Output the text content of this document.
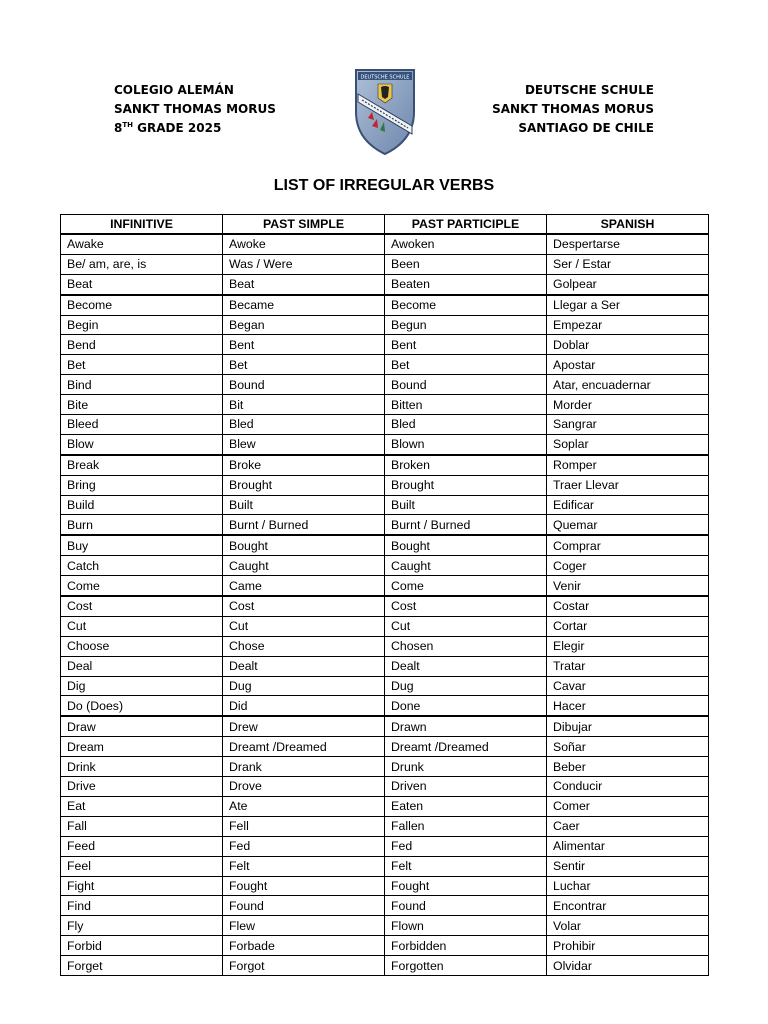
COLEGIO ALEMÁN
SANKT THOMAS MORUS
8TH GRADE 2025
DEUTSCHE SCHULE
DEUTSCHE SCHULE
SANKT THOMAS MORUS
SANTIAGO DE CHILE
LIST OF IRREGULAR VERBS
INFINITIVE	PAST SIMPLE	PAST PARTICIPLE	SPANISH
Awake	Awoke	Awoken	Despertarse
Be/ am, are, is	Was / Were	Been	Ser / Estar
Beat	Beat	Beaten	Golpear
Become	Became	Become	Llegar a Ser
Begin	Began	Begun	Empezar
Bend	Bent	Bent	Doblar
Bet	Bet	Bet	Apostar
Bind	Bound	Bound	Atar, encuadernar
Bite	Bit	Bitten	Morder
Bleed	Bled	Bled	Sangrar
Blow	Blew	Blown	Soplar
Break	Broke	Broken	Romper
Bring	Brought	Brought	Traer Llevar
Build	Built	Built	Edificar
Burn	Burnt / Burned	Burnt / Burned	Quemar
Buy	Bought	Bought	Comprar
Catch	Caught	Caught	Coger
Come	Came	Come	Venir
Cost	Cost	Cost	Costar
Cut	Cut	Cut	Cortar
Choose	Chose	Chosen	Elegir
Deal	Dealt	Dealt	Tratar
Dig	Dug	Dug	Cavar
Do (Does)	Did	Done	Hacer
Draw	Drew	Drawn	Dibujar
Dream	Dreamt /Dreamed	Dreamt /Dreamed	Soñar
Drink	Drank	Drunk	Beber
Drive	Drove	Driven	Conducir
Eat	Ate	Eaten	Comer
Fall	Fell	Fallen	Caer
Feed	Fed	Fed	Alimentar
Feel	Felt	Felt	Sentir
Fight	Fought	Fought	Luchar
Find	Found	Found	Encontrar
Fly	Flew	Flown	Volar
Forbid	Forbade	Forbidden	Prohibir
Forget	Forgot	Forgotten	Olvidar
